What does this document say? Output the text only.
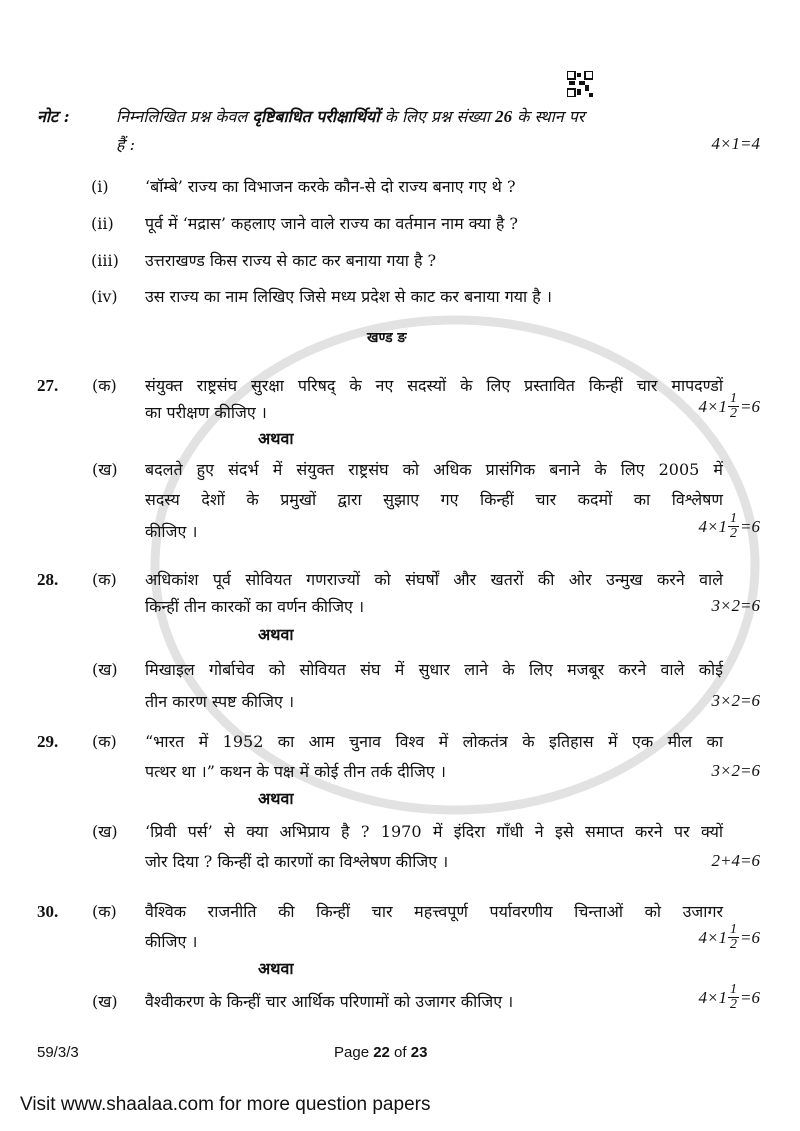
नोट :	निम्नलिखित प्रश्न केवल दृष्टिबाधित परीक्षार्थियों के लिए प्रश्न संख्या 26 के स्थान पर
हैं :	4×1=4
(i) ‘बॉम्बे’ राज्य का विभाजन करके कौन-से दो राज्य बनाए गए थे ?
(ii) पूर्व में ‘मद्रास’ कहलाए जाने वाले राज्य का वर्तमान नाम क्या है ?
(iii) उत्तराखण्ड किस राज्य से काट कर बनाया गया है ?
(iv) उस राज्य का नाम लिखिए जिसे मध्य प्रदेश से काट कर बनाया गया है ।
खण्ड ङ
27. (क) संयुक्त राष्ट्रसंघ सुरक्षा परिषद् के नए सदस्यों के लिए प्रस्तावित किन्हीं चार मापदण्डों
का परीक्षण कीजिए ।	$4\times 1 \frac{1}{2} =6$
अथवा
(ख) बदलते हुए संदर्भ में संयुक्त राष्ट्रसंघ को अधिक प्रासंगिक बनाने के लिए 2005 में
सदस्य देशों के प्रमुखों द्वारा सुझाए गए किन्हीं चार कदमों का विश्लेषण
कीजिए ।	$4\times 1 \frac{1}{2} =6$
28. (क) अधिकांश पूर्व सोवियत गणराज्यों को संघर्षों और खतरों की ओर उन्मुख करने वाले
किन्हीं तीन कारकों का वर्णन कीजिए ।	3×2=6
अथवा
(ख) मिखाइल गोर्बाचेव को सोवियत संघ में सुधार लाने के लिए मजबूर करने वाले कोई
तीन कारण स्पष्ट कीजिए ।	3×2=6
29. (क) “भारत में 1952 का आम चुनाव विश्व में लोकतंत्र के इतिहास में एक मील का
पत्थर था ।” कथन के पक्ष में कोई तीन तर्क दीजिए ।	3×2=6
अथवा
(ख) ‘प्रिवी पर्स’ से क्या अभिप्राय है ? 1970 में इंदिरा गाँधी ने इसे समाप्त करने पर क्यों
जोर दिया ? किन्हीं दो कारणों का विश्लेषण कीजिए ।	2+4=6
30. (क) वैश्विक राजनीति की किन्हीं चार महत्त्वपूर्ण पर्यावरणीय चिन्ताओं को उजागर
कीजिए ।	$4\times 1 \frac{1}{2} =6$
अथवा
(ख) वैश्वीकरण के किन्हीं चार आर्थिक परिणामों को उजागर कीजिए ।	$4\times 1 \frac{1}{2} =6$
59/3/3	Page 22 of 23
Visit www.shaalaa.com for more question papers
